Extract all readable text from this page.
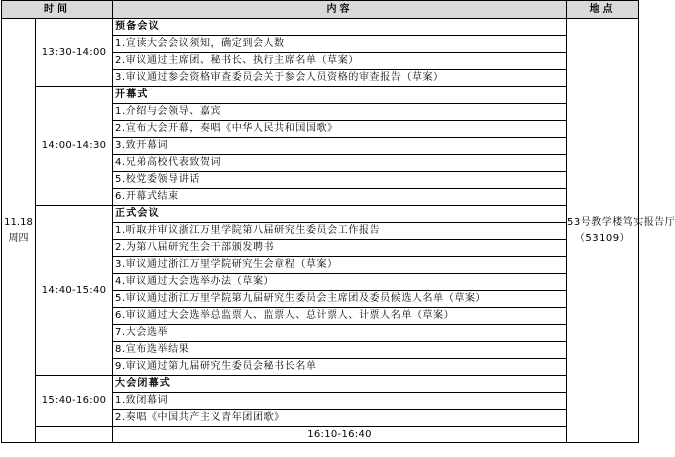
时间		内容	地点	
11.18
周四	13:30-14:00	预备会议	53号教学楼笃实报告厅
（53109）	
		1.宣读大会会议须知，确定到会人数		
		2.审议通过主席团、秘书长、执行主席名单（草案）		
		3.审议通过参会资格审查委员会关于参会人员资格的审查报告（草案）		
	14:00-14:30	开幕式		
		1.介绍与会领导、嘉宾		
		2.宣布大会开幕，奏唱《中华人民共和国国歌》		
		3.致开幕词		
		4.兄弟高校代表致贺词		
		5.校党委领导讲话		
		6.开幕式结束		
	14:40-15:40	正式会议		
		1.听取并审议浙江万里学院第八届研究生委员会工作报告		
		2.为第八届研究生会干部颁发聘书		
		3.审议通过浙江万里学院研究生会章程（草案）		
		4.审议通过大会选举办法（草案）		
		5.审议通过浙江万里学院第九届研究生委员会主席团及委员候选人名单（草案）		
		6.审议通过大会选举总监票人、监票人、总计票人、计票人名单（草案）		
		7.大会选举		
		8.宣布选举结果		
		9.审议通过第九届研究生委员会秘书长名单		
	15:40-16:00	大会闭幕式		
		1.致闭幕词		
		2.奏唱《中国共产主义青年团团歌》		
		16:10-16:40	
